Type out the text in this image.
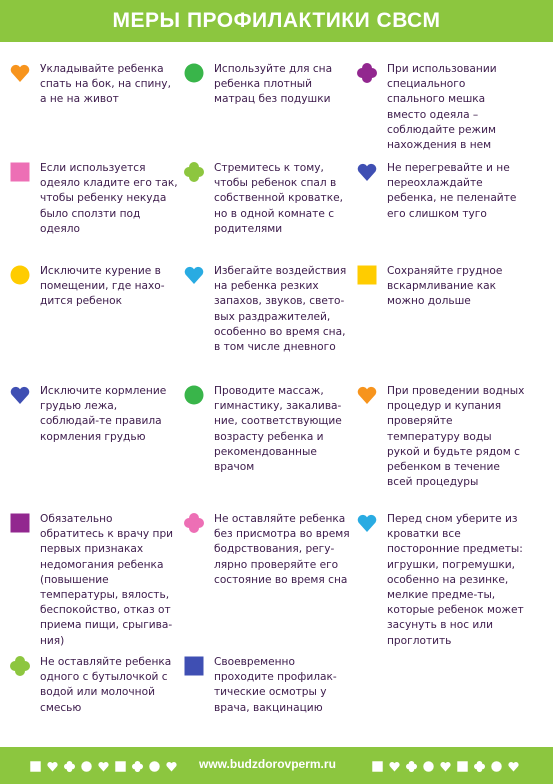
МЕРЫ ПРОФИЛАКТИКИ СВСМ
Укладывайте ребенка спать на бок, на спину, а не на живот
Используйте для сна ребенка плотный матрац без подушки
При использовании специального спального мешка вместо одеяла – соблюдайте режим нахождения в нем
Если используется одеяло кладите его так, чтобы ребенку некуда было сползти под одеяло
Стремитесь к тому, чтобы ребенок спал в собственной кроватке, но в одной комнате с родителями
Не перегревайте и не переохлаждайте ребенка, не пеленайте его слишком туго
Исключите курение в помещении, где нахо-дится ребенок
Избегайте воздействия на ребенка резких запахов, звуков, свето-вых раздражителей, особенно во время сна, в том числе дневного
Сохраняйте грудное вскармливание как можно дольше
Исключите кормление грудью лежа, соблюдай-те правила кормления грудью
Проводите массаж, гимнастику, закалива-ние, соответствующие возрасту ребенка и рекомендованные врачом
При проведении водных процедур и купания проверяйте температуру воды рукой и будьте рядом с ребенком в течение всей процедуры
Обязательно обратитесь к врачу при первых признаках недомогания ребенка (повышение температуры, вялость, беспокойство, отказ от приема пищи, срыгива-ния)
Не оставляйте ребенка без присмотра во время бодрствования, регу-лярно проверяйте его состояние во время сна
Перед сном уберите из кроватки все посторонние предметы: игрушки, погремушки, особенно на резинке, мелкие предме-ты, которые ребенок может засунуть в нос или проглотить
Не оставляйте ребенка одного с бутылочкой с водой или молочной смесью
Своевременно проходите профилак-тические осмотры у врача, вакцинацию
www.budzdorovperm.ru
